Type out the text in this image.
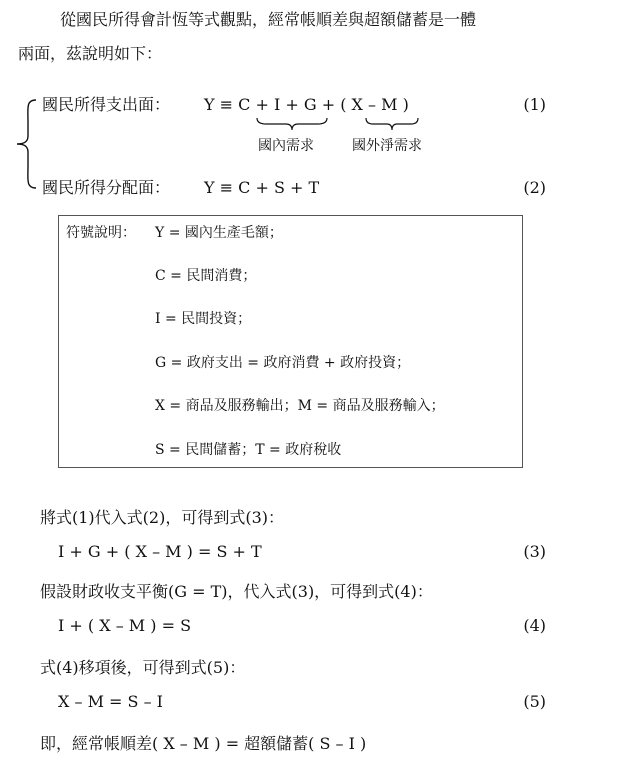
從國民所得會計恆等式觀點，經常帳順差與超額儲蓄是一體
兩面，茲說明如下：
國民所得支出面： Y ≡ C + I + G + ( X – M )	(1)
國內需求	國外淨需求
國民所得分配面： Y ≡ C + S + T	(2)
符號說明： Y = 國內生產毛額；
C = 民間消費；
I = 民間投資；
G = 政府支出 = 政府消費 + 政府投資；
X = 商品及服務輸出；M = 商品及服務輸入；
S = 民間儲蓄；T = 政府稅收
將式(1)代入式(2)，可得到式(3)：
I + G + ( X – M ) = S + T	(3)
假設財政收支平衡(G = T)，代入式(3)，可得到式(4)：
I + ( X – M ) = S	(4)
式(4)移項後，可得到式(5)：
X – M = S – I	(5)
即，經常帳順差( X – M ) = 超額儲蓄( S – I )
